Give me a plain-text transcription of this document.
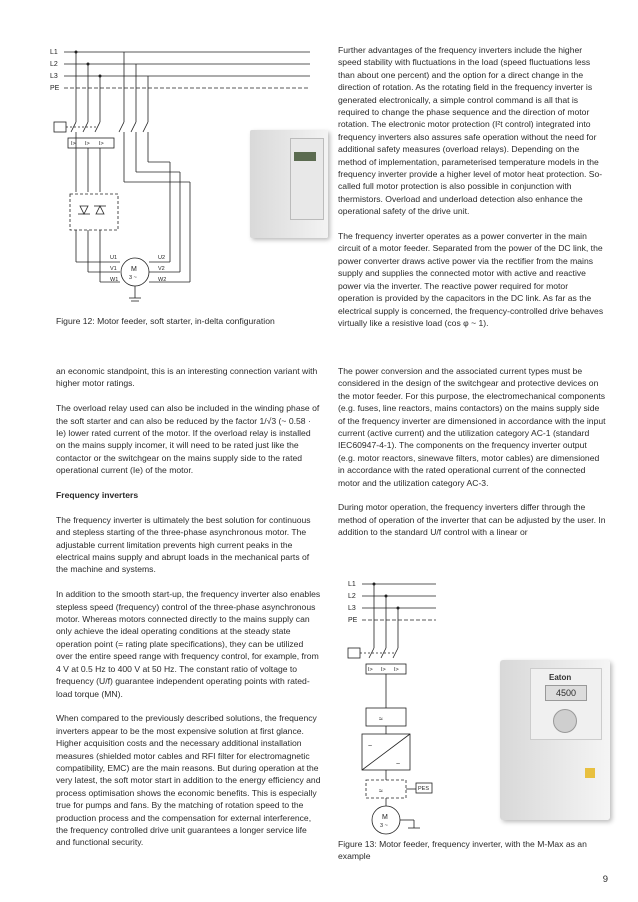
L1
L2
L3
PE
I> I> I>
U1
V1
W1
U2
V2
W2
M
3 ~
Figure 12: Motor feeder, soft starter, in-delta configuration

Further advantages of the frequency inverters include the higher speed stability with fluctuations in the load (speed fluctuations less than about one percent) and the option for a direct change in the direction of rotation. As the rotating field in the frequency inverter is generated electronically, a simple control command is all that is required to change the phase sequence and the direction of motor rotation. The electronic motor protection (I²t control) integrated into frequency inverters also assures safe operation without the need for additional safety measures (overload relays). Depending on the method of implementation, parameterised temperature models in the frequency inverter provide a higher level of motor heat protection. So-called full motor protection is also possible in conjunction with thermistors. Overload and underload detection also enhance the operational safety of the drive unit.

The frequency inverter operates as a power converter in the main circuit of a motor feeder. Separated from the power of the DC link, the power converter draws active power via the rectifier from the mains supply and supplies the connected motor with active and reactive power via the inverter. The reactive power required for motor operation is provided by the capacitors in the DC link. As far as the electrical supply is concerned, the frequency-controlled drive behaves virtually like a resistive load (cos φ ~ 1).

an economic standpoint, this is an interesting connection variant with higher motor ratings.

The overload relay used can also be included in the winding phase of the soft starter and can also be reduced by the factor 1/√3 (~ 0.58 · Ie) lower rated current of the motor. If the overload relay is installed on the mains supply incomer, it will need to be rated just like the contactor or the switchgear on the mains supply side to the rated operational current (Ie) of the motor.

Frequency inverters

The frequency inverter is ultimately the best solution for continuous and stepless starting of the three-phase asynchronous motor. The adjustable current limitation prevents high current peaks in the electrical mains supply and abrupt loads in the mechanical parts of the machine and systems.

In addition to the smooth start-up, the frequency inverter also enables stepless speed (frequency) control of the three-phase asynchronous motor. Whereas motors connected directly to the mains supply can only achieve the ideal operating conditions at the steady state operation point (= rating plate specifications), they can be utilized over the entire speed range with frequency control, for example, from 4 V at 0.5 Hz to 400 V at 50 Hz. The constant ratio of voltage to frequency (U/f) guarantee independent operating points with rated-load torque (MN).

When compared to the previously described solutions, the frequency inverters appear to be the most expensive solution at first glance. Higher acquisition costs and the necessary additional installation measures (shielded motor cables and RFI filter for electromagnetic compatibility, EMC) are the main reasons. But during operation at the very latest, the soft motor start in addition to the energy efficiency and process optimisation shows the economic benefits. This is especially true for pumps and fans. By the matching of rotation speed to the production process and the compensation for external interference, the frequency controlled drive unit guarantees a longer service life and functional security.

The power conversion and the associated current types must be considered in the design of the switchgear and protective devices on the motor feeder. For this purpose, the electromechanical components (e.g. fuses, line reactors, mains contactors) on the mains supply side of the frequency inverter are dimensioned in accordance with the input current (active current) and the utilization category AC-1 (standard IEC60947-4-1). The components on the frequency inverter output (e.g. motor reactors, sinewave filters, motor cables) are dimensioned in accordance with the rated operational current of the connected motor and the utilization category AC-3.

During motor operation, the frequency inverters differ through the method of operation of the inverter that can be adjusted by the user. In addition to the standard U/f control with a linear or

L1
L2
L3
PE
I> I> I>
≈
~
~
≈	PES
M
3 ~
Eaton
4500
Figure 13: Motor feeder, frequency inverter, with the M-Max as an example
9
